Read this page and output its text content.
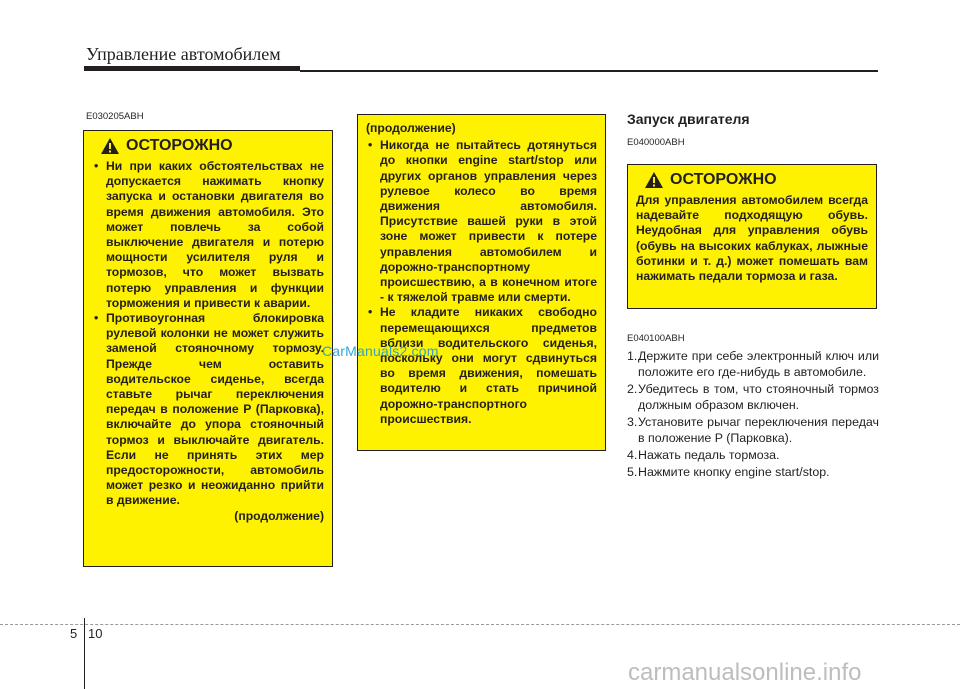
Управление автомобилем
E030205ABH
ОСТОРОЖНО
• Ни при каких обстоятельствах не допускается нажимать кнопку запуска и остановки двигателя во время движения автомобиля. Это может повлечь за собой выключение двигателя и потерю мощности усилителя руля и тормозов, что может вызвать потерю управления и функции торможения и привести к аварии.
• Противоугонная блокировка рулевой колонки не может служить заменой стояночному тормозу. Прежде чем оставить водительское сиденье, всегда ставьте рычаг переключения передач в положение P (Парковка), включайте до упора стояночный тормоз и выключайте двигатель. Если не принять этих мер предосторожности, автомобиль может резко и неожиданно прийти в движение.
(продолжение)
(продолжение)
• Никогда не пытайтесь дотянуться до кнопки engine start/stop или других органов управления через рулевое колесо во время движения автомобиля. Присутствие вашей руки в этой зоне может привести к потере управления автомобилем и дорожно-транспортному происшествию, а в конечном итоге - к тяжелой травме или смерти.
• Не кладите никаких свободно перемещающихся предметов вблизи водительского сиденья, поскольку они могут сдвинуться во время движения, помешать водителю и стать причиной дорожно-транспортного происшествия.
Запуск двигателя
E040000ABH
ОСТОРОЖНО
Для управления автомобилем всегда надевайте подходящую обувь. Неудобная для управления обувь (обувь на высоких каблуках, лыжные ботинки и т. д.) может помешать вам нажимать педали тормоза и газа.
E040100ABH
1. Держите при себе электронный ключ или положите его где-нибудь в автомобиле.
2. Убедитесь в том, что стояночный тормоз должным образом включен.
3. Установите рычаг переключения передач в положение P (Парковка).
4. Нажать педаль тормоза.
5. Нажмите кнопку engine start/stop.
5 10
CarManuals2.com
carmanualsonline.info
